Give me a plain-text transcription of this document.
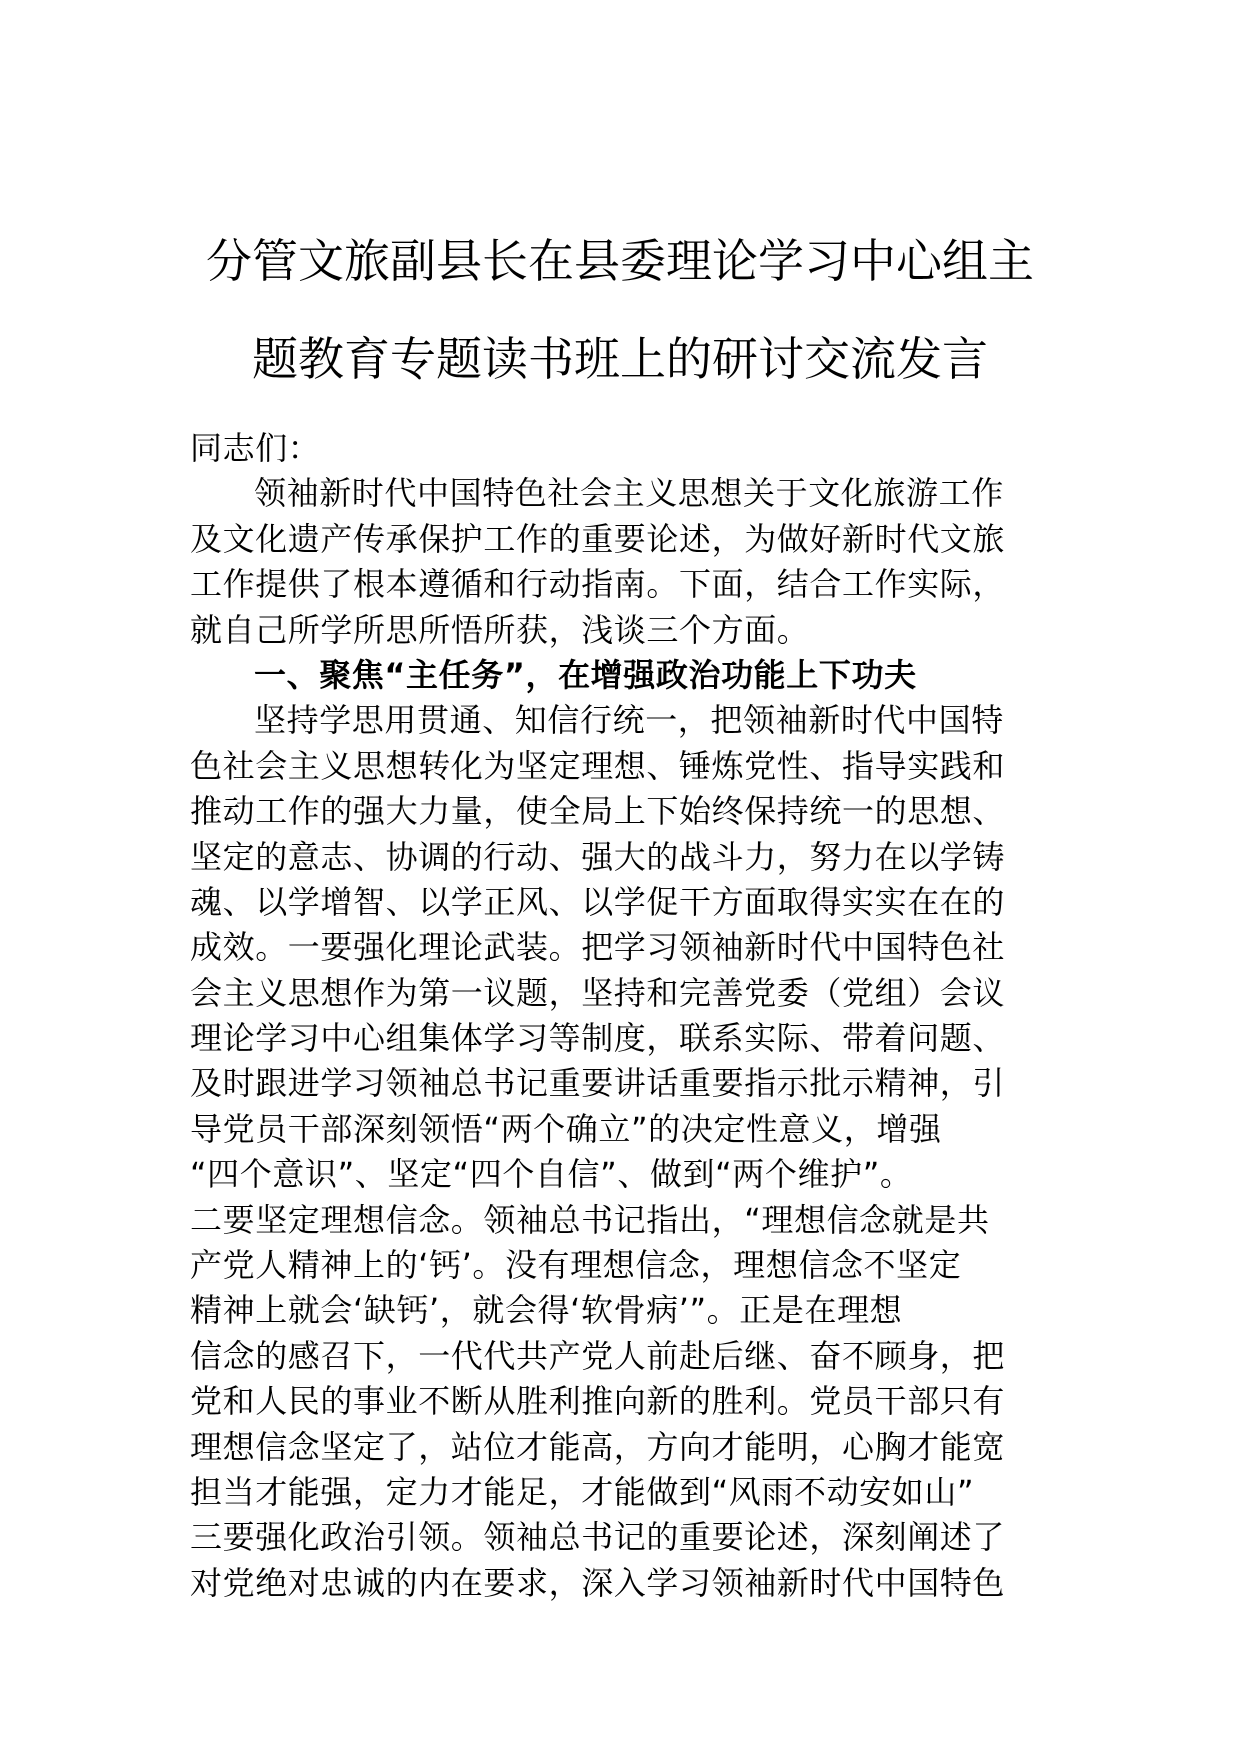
分管文旅副县长在县委理论学习中心组主
题教育专题读书班上的研讨交流发言
同志们：
领袖新时代中国特色社会主义思想关于文化旅游工作
及文化遗产传承保护工作的重要论述，为做好新时代文旅
工作提供了根本遵循和行动指南。下面，结合工作实际，
就自己所学所思所悟所获，浅谈三个方面。
一、聚焦“主任务”，在增强政治功能上下功夫
坚持学思用贯通、知信行统一，把领袖新时代中国特
色社会主义思想转化为坚定理想、锤炼党性、指导实践和
推动工作的强大力量，使全局上下始终保持统一的思想、
坚定的意志、协调的行动、强大的战斗力，努力在以学铸
魂、以学增智、以学正风、以学促干方面取得实实在在的
成效。一要强化理论武装。把学习领袖新时代中国特色社
会主义思想作为第一议题，坚持和完善党委（党组）会议
理论学习中心组集体学习等制度，联系实际、带着问题、
及时跟进学习领袖总书记重要讲话重要指示批示精神，引
导党员干部深刻领悟“两个确立”的决定性意义，增强
“四个意识”、坚定“四个自信”、做到“两个维护”。
二要坚定理想信念。领袖总书记指出，“理想信念就是共
产党人精神上的‘钙’。没有理想信念，理想信念不坚定
精神上就会‘缺钙’，就会得‘软骨病’”。正是在理想
信念的感召下，一代代共产党人前赴后继、奋不顾身，把
党和人民的事业不断从胜利推向新的胜利。党员干部只有
理想信念坚定了，站位才能高，方向才能明，心胸才能宽
担当才能强，定力才能足，才能做到“风雨不动安如山”
三要强化政治引领。领袖总书记的重要论述，深刻阐述了
对党绝对忠诚的内在要求，深入学习领袖新时代中国特色
